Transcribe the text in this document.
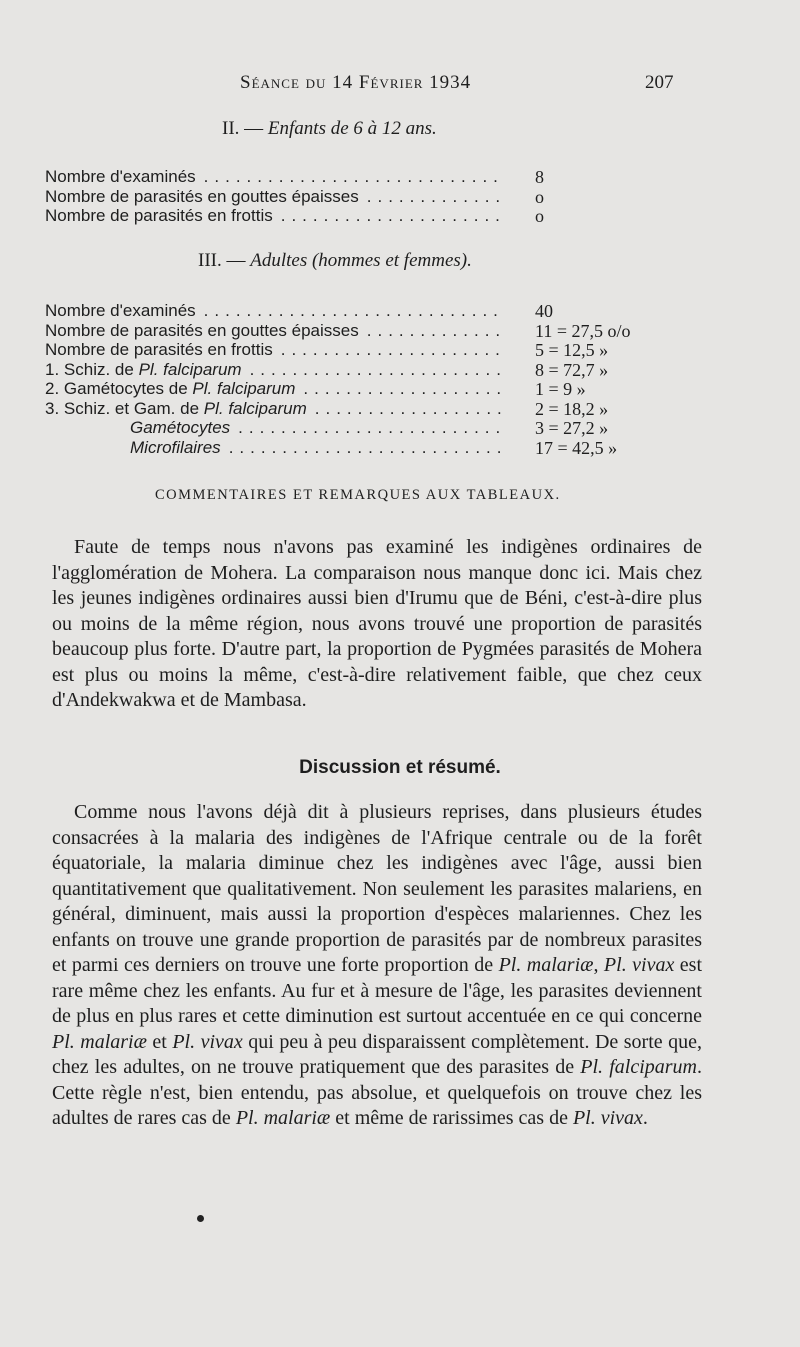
Séance du 14 Février 1934	207
II. — Enfants de 6 à 12 ans.
Nombre d'examinés	8
............................
Nombre de parasités en gouttes épaisses	o
.............
Nombre de parasités en frottis	o
.....................
III. — Adultes (hommes et femmes).
Nombre d'examinés	40
............................
Nombre de parasités en gouttes épaisses	11 = 27,5 o/o
.............
Nombre de parasités en frottis	5 = 12,5 »
.....................
1. Schiz. de Pl. falciparum	8 = 72,7 »
........................
2. Gamétocytes de Pl. falciparum	1 = 9 »
...................
3. Schiz. et Gam. de Pl. falciparum	2 = 18,2 »
..................
Gamétocytes	3 = 27,2 »
.........................
Microfilaires	17 = 42,5 »
..........................
COMMENTAIRES ET REMARQUES AUX TABLEAUX.

Faute de temps nous n'avons pas examiné les indigènes ordinaires de l'agglomération de Mohera. La comparaison nous manque donc ici. Mais chez les jeunes indigènes ordinaires aussi bien d'Irumu que de Béni, c'est-à-dire plus ou moins de la même région, nous avons trouvé une proportion de parasités beaucoup plus forte. D'autre part, la proportion de Pygmées parasités de Mohera est plus ou moins la même, c'est-à-dire relativement faible, que chez ceux d'Andekwakwa et de Mambasa.

Discussion et résumé.

Comme nous l'avons déjà dit à plusieurs reprises, dans plusieurs études consacrées à la malaria des indigènes de l'Afrique centrale ou de la forêt équatoriale, la malaria diminue chez les indigènes avec l'âge, aussi bien quantitativement que qualitativement. Non seulement les parasites malariens, en général, diminuent, mais aussi la proportion d'espèces malariennes. Chez les enfants on trouve une grande proportion de parasités par de nombreux parasites et parmi ces derniers on trouve une forte proportion de Pl. malariæ, Pl. vivax est rare même chez les enfants. Au fur et à mesure de l'âge, les parasites deviennent de plus en plus rares et cette diminution est surtout accentuée en ce qui concerne Pl. malariæ et Pl. vivax qui peu à peu disparaissent complètement. De sorte que, chez les adultes, on ne trouve pratiquement que des parasites de Pl. falciparum. Cette règle n'est, bien entendu, pas absolue, et quelquefois on trouve chez les adultes de rares cas de Pl. malariæ et même de rarissimes cas de Pl. vivax.
